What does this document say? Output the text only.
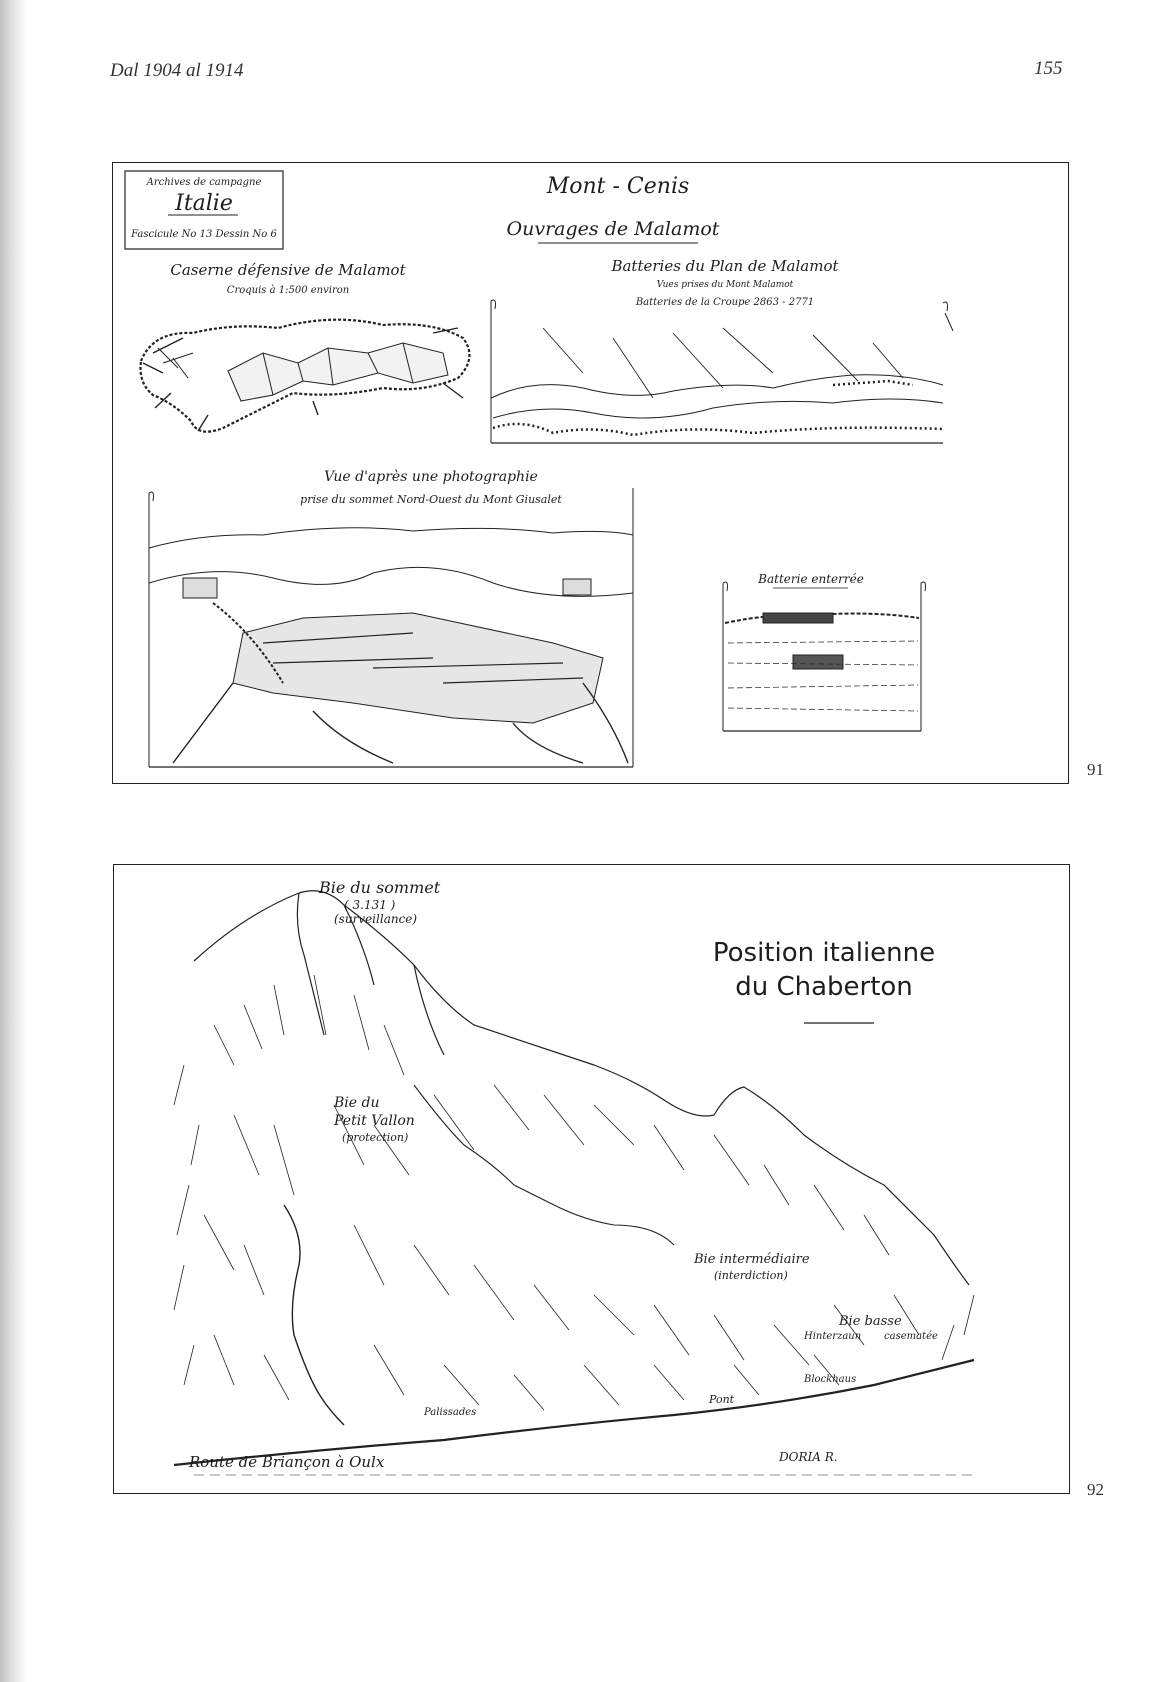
Dal 1904 al 1914	155
Archives de campagne
Italie
Fascicule No 13 Dessin No 6
Mont - Cenis
Ouvrages de Malamot
Caserne défensive de Malamot
Croquis à 1:500 environ
Batteries du Plan de Malamot
Vues prises du Mont Malamot
Batteries de la Croupe 2863 - 2771
Vue d'après une photographie
prise du sommet Nord-Ouest du Mont Giusalet
Batterie enterrée
91
Position italienne
du Chaberton
Bie du sommet
( 3.131 )
(surveillance)
Bie du
Petit Vallon
(protection)
Bie intermédiaire
(interdiction)
Bie basse
Hinterzaun casematée
Blockhaus
Pont
Palissades
Route de Briançon à Oulx	DORIA R.
92
